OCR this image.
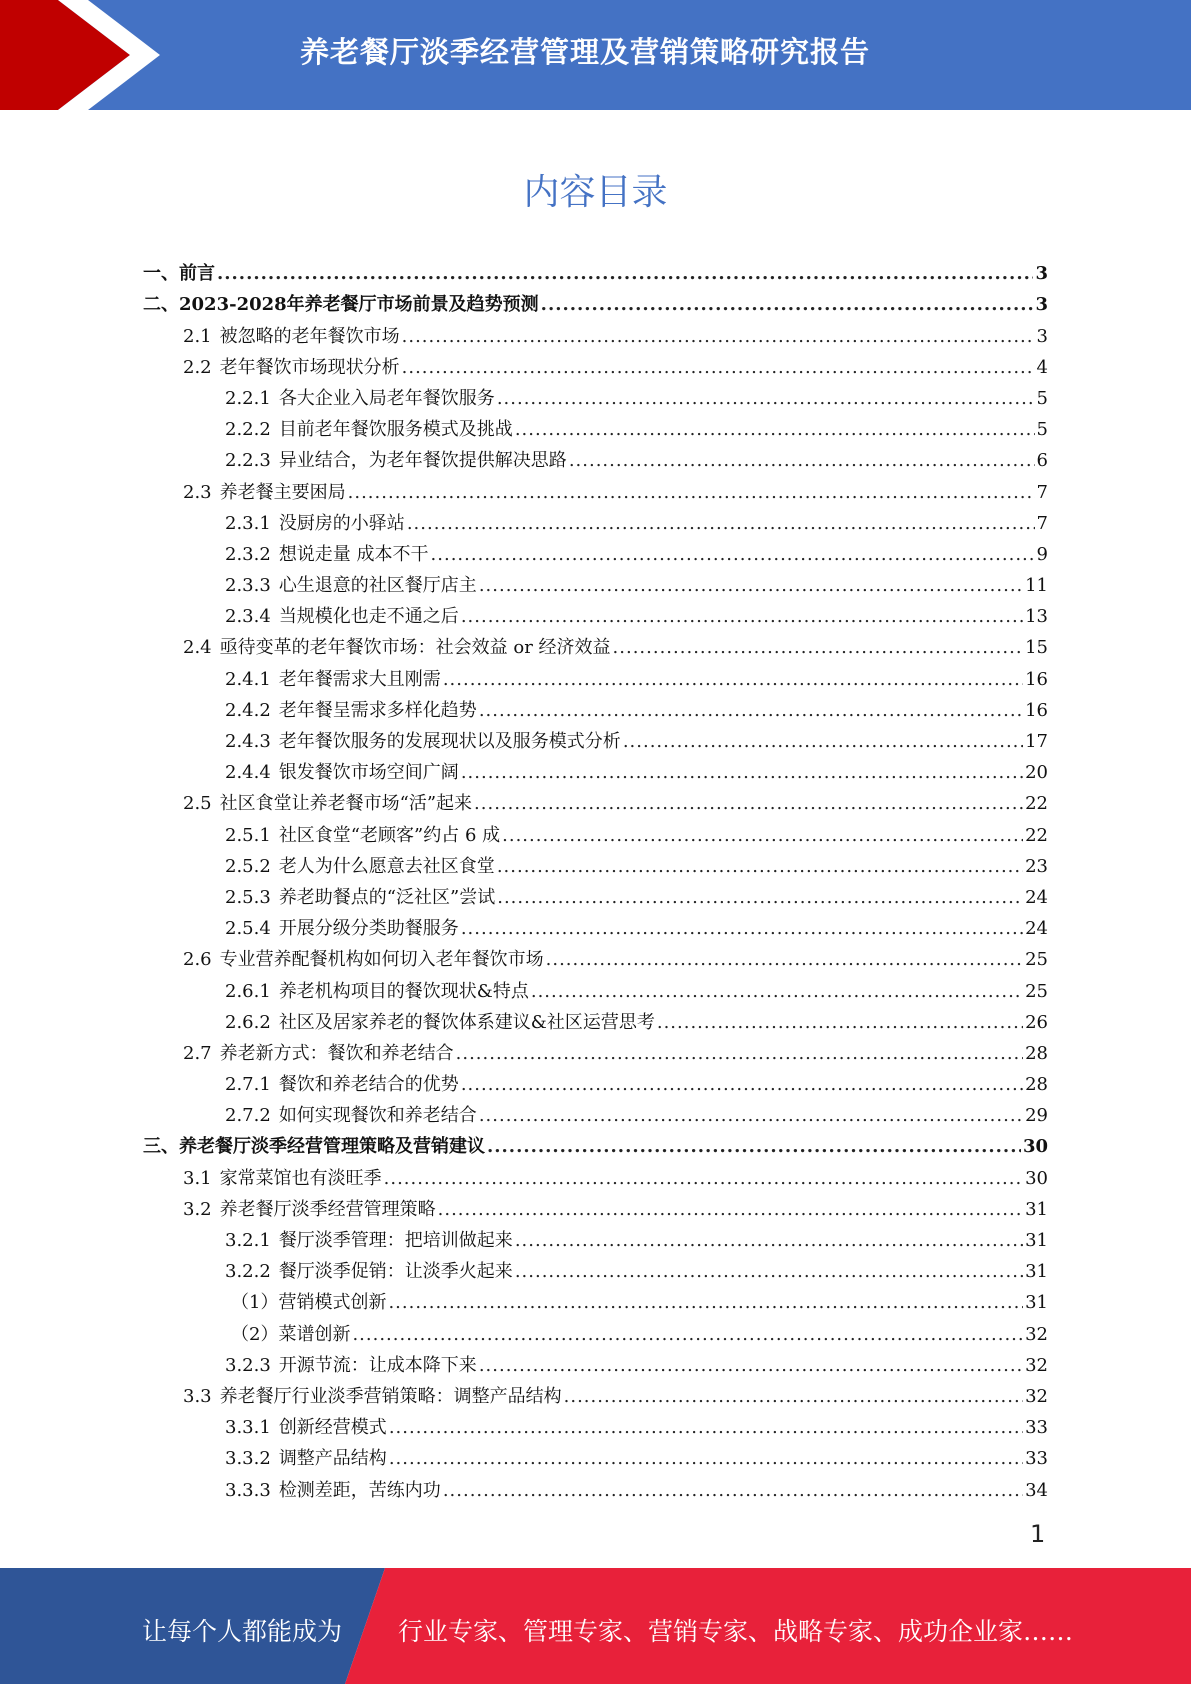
养老餐厅淡季经营管理及营销策略研究报告
内容目录
一、前言 .....	3
二、2023-2028年养老餐厅市场前景及趋势预测 .....	3
2.1 被忽略的老年餐饮市场 .....	3
2.2 老年餐饮市场现状分析 .....	4
2.2.1 各大企业入局老年餐饮服务 .....	5
2.2.2 目前老年餐饮服务模式及挑战 .....	5
2.2.3 异业结合，为老年餐饮提供解决思路 .....	6
2.3 养老餐主要困局 .....	7
2.3.1 没厨房的小驿站 .....	7
2.3.2 想说走量 成本不干 .....	9
2.3.3 心生退意的社区餐厅店主 .....	11
2.3.4 当规模化也走不通之后 .....	13
2.4 亟待变革的老年餐饮市场：社会效益 or 经济效益 .....	15
2.4.1 老年餐需求大且刚需 .....	16
2.4.2 老年餐呈需求多样化趋势 .....	16
2.4.3 老年餐饮服务的发展现状以及服务模式分析 .....	17
2.4.4 银发餐饮市场空间广阔 .....	20
2.5 社区食堂让养老餐市场“活”起来 .....	22
2.5.1 社区食堂“老顾客”约占 6 成 .....	22
2.5.2 老人为什么愿意去社区食堂 .....	23
2.5.3 养老助餐点的“泛社区”尝试 .....	24
2.5.4 开展分级分类助餐服务 .....	24
2.6 专业营养配餐机构如何切入老年餐饮市场 .....	25
2.6.1 养老机构项目的餐饮现状&特点 .....	25
2.6.2 社区及居家养老的餐饮体系建议&社区运营思考 .....	26
2.7 养老新方式：餐饮和养老结合 .....	28
2.7.1 餐饮和养老结合的优势 .....	28
2.7.2 如何实现餐饮和养老结合 .....	29
三、养老餐厅淡季经营管理策略及营销建议 .....	30
3.1 家常菜馆也有淡旺季 .....	30
3.2 养老餐厅淡季经营管理策略 .....	31
3.2.1 餐厅淡季管理：把培训做起来 .....	31
3.2.2 餐厅淡季促销：让淡季火起来 .....	31
（1）营销模式创新 .....	31
（2）菜谱创新 .....	32
3.2.3 开源节流：让成本降下来 .....	32
3.3 养老餐厅行业淡季营销策略：调整产品结构 .....	32
3.3.1 创新经营模式 .....	33
3.3.2 调整产品结构 .....	33
3.3.3 检测差距，苦练内功 .....	34
1
让每个人都能成为 行业专家、管理专家、营销专家、战略专家、成功企业家……
